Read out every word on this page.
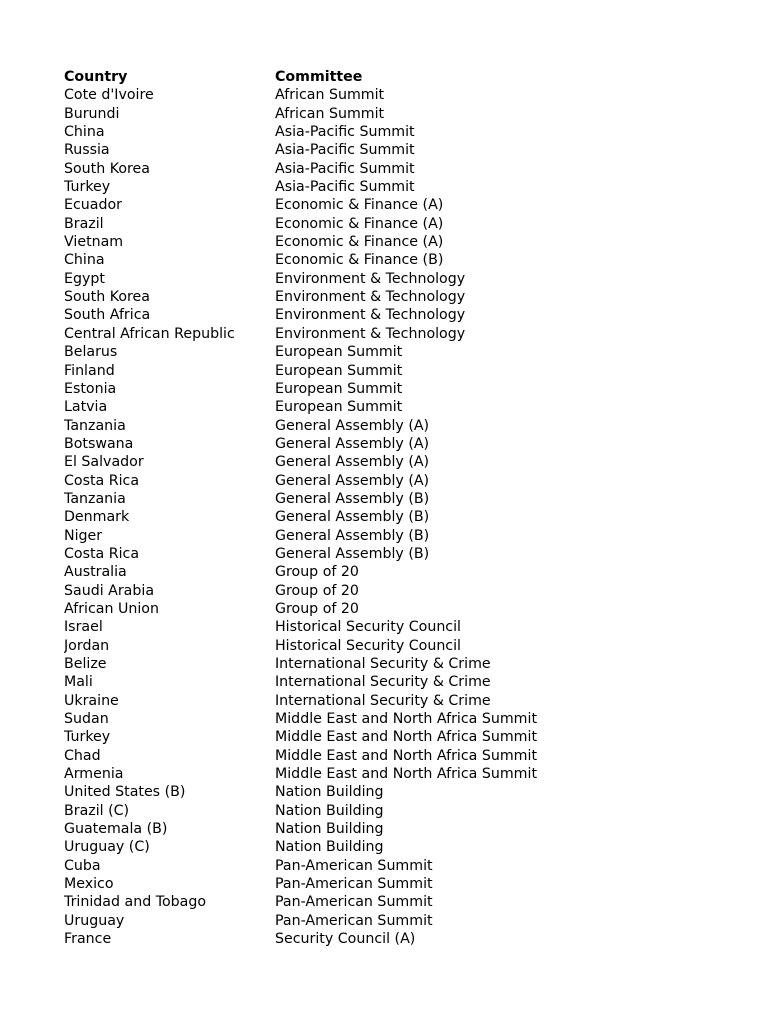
Country	Committee
Cote d'Ivoire	African Summit
Burundi	African Summit
China	Asia-Pacific Summit
Russia	Asia-Pacific Summit
South Korea	Asia-Pacific Summit
Turkey	Asia-Pacific Summit
Ecuador	Economic & Finance (A)
Brazil	Economic & Finance (A)
Vietnam	Economic & Finance (A)
China	Economic & Finance (B)
Egypt	Environment & Technology
South Korea	Environment & Technology
South Africa	Environment & Technology
Central African Republic	Environment & Technology
Belarus	European Summit
Finland	European Summit
Estonia	European Summit
Latvia	European Summit
Tanzania	General Assembly (A)
Botswana	General Assembly (A)
El Salvador	General Assembly (A)
Costa Rica	General Assembly (A)
Tanzania	General Assembly (B)
Denmark	General Assembly (B)
Niger	General Assembly (B)
Costa Rica	General Assembly (B)
Australia	Group of 20
Saudi Arabia	Group of 20
African Union	Group of 20
Israel	Historical Security Council
Jordan	Historical Security Council
Belize	International Security & Crime
Mali	International Security & Crime
Ukraine	International Security & Crime
Sudan	Middle East and North Africa Summit
Turkey	Middle East and North Africa Summit
Chad	Middle East and North Africa Summit
Armenia	Middle East and North Africa Summit
United States (B)	Nation Building
Brazil (C)	Nation Building
Guatemala (B)	Nation Building
Uruguay (C)	Nation Building
Cuba	Pan-American Summit
Mexico	Pan-American Summit
Trinidad and Tobago	Pan-American Summit
Uruguay	Pan-American Summit
France	Security Council (A)
